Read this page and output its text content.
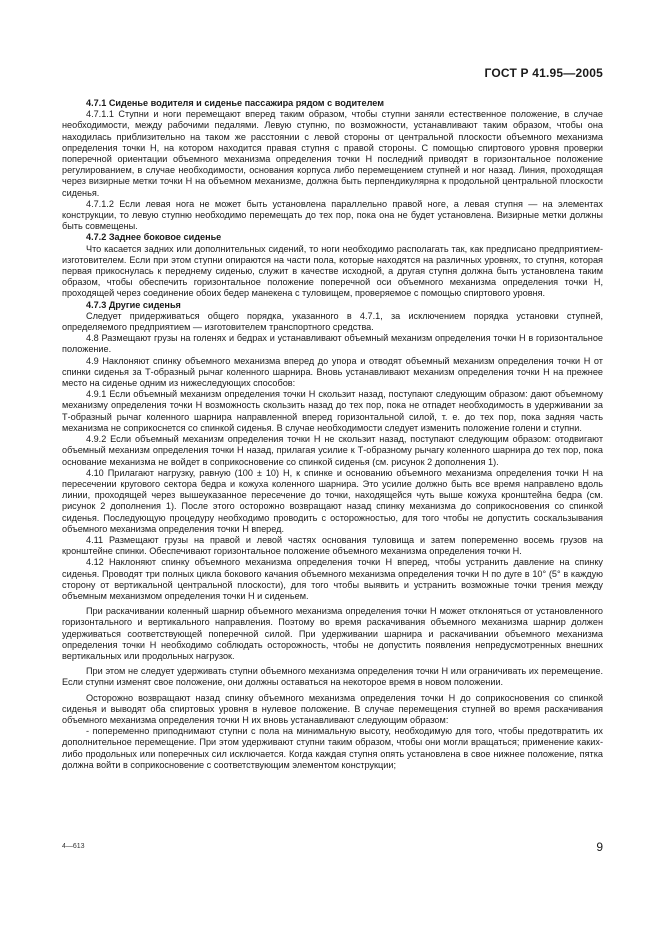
ГОСТ Р 41.95—2005
4.7.1 Сиденье водителя и сиденье пассажира рядом с водителем
4.7.1.1 Ступни и ноги перемещают вперед таким образом, чтобы ступни заняли естественное положение, в случае необходимости, между рабочими педалями. Левую ступню, по возможности, устанавливают таким образом, чтобы она находилась приблизительно на таком же расстоянии с левой стороны от центральной плоскости объемного механизма определения точки H, на котором находится правая ступня с правой стороны. С помощью спиртового уровня проверки поперечной ориентации объемного механизма определения точки H последний приводят в горизонтальное положение регулированием, в случае необходимости, основания корпуса либо перемещением ступней и ног назад. Линия, проходящая через визирные метки точки H на объемном механизме, должна быть перпендикулярна к продольной центральной плоскости сиденья.
4.7.1.2 Если левая нога не может быть установлена параллельно правой ноге, а левая ступня — на элементах конструкции, то левую ступню необходимо перемещать до тех пор, пока она не будет установлена. Визирные метки должны быть совмещены.
4.7.2 Заднее боковое сиденье
Что касается задних или дополнительных сидений, то ноги необходимо располагать так, как предписано предприятием-изготовителем. Если при этом ступни опираются на части пола, которые находятся на различных уровнях, то ступня, которая первая прикоснулась к переднему сиденью, служит в качестве исходной, а другая ступня должна быть установлена таким образом, чтобы обеспечить горизонтальное положение поперечной оси объемного механизма определения точки H, проходящей через соединение обоих бедер манекена с туловищем, проверяемое с помощью спиртового уровня.
4.7.3 Другие сиденья
Следует придерживаться общего порядка, указанного в 4.7.1, за исключением порядка установки ступней, определяемого предприятием — изготовителем транспортного средства.
4.8 Размещают грузы на голенях и бедрах и устанавливают объемный механизм определения точки H в горизонтальное положение.
4.9 Наклоняют спинку объемного механизма вперед до упора и отводят объемный механизм определения точки H от спинки сиденья за Т-образный рычаг коленного шарнира. Вновь устанавливают механизм определения точки H на прежнее место на сиденье одним из нижеследующих способов:
4.9.1 Если объемный механизм определения точки H скользит назад, поступают следующим образом: дают объемному механизму определения точки H возможность скользить назад до тех пор, пока не отпадет необходимость в удерживании за Т-образный рычаг коленного шарнира направленной вперед горизонтальной силой, т. е. до тех пор, пока задняя часть механизма не соприкоснется со спинкой сиденья. В случае необходимости следует изменить положение голени и ступни.
4.9.2 Если объемный механизм определения точки H не скользит назад, поступают следующим образом: отодвигают объемный механизм определения точки H назад, прилагая усилие к Т-образному рычагу коленного шарнира до тех пор, пока основание механизма не войдет в соприкосновение со спинкой сиденья (см. рисунок 2 дополнения 1).
4.10 Прилагают нагрузку, равную (100 ± 10) Н, к спинке и основанию объемного механизма определения точки H на пересечении кругового сектора бедра и кожуха коленного шарнира. Это усилие должно быть все время направлено вдоль линии, проходящей через вышеуказанное пересечение до точки, находящейся чуть выше кожуха кронштейна бедра (см. рисунок 2 дополнения 1). После этого осторожно возвращают назад спинку механизма до соприкосновения со спинкой сиденья. Последующую процедуру необходимо проводить с осторожностью, для того чтобы не допустить соскальзывания объемного механизма определения точки H вперед.
4.11 Размещают грузы на правой и левой частях основания туловища и затем попеременно восемь грузов на кронштейне спинки. Обеспечивают горизонтальное положение объемного механизма определения точки H.
4.12 Наклоняют спинку объемного механизма определения точки H вперед, чтобы устранить давление на спинку сиденья. Проводят три полных цикла бокового качания объемного механизма определения точки H по дуге в 10° (5° в каждую сторону от вертикальной центральной плоскости), для того чтобы выявить и устранить возможные точки трения между объемным механизмом определения точки H и сиденьем.
При раскачивании коленный шарнир объемного механизма определения точки H может отклоняться от установленного горизонтального и вертикального направления. Поэтому во время раскачивания объемного механизма шарнир должен удерживаться соответствующей поперечной силой. При удерживании шарнира и раскачивании объемного механизма определения точки H необходимо соблюдать осторожность, чтобы не допустить появления непредусмотренных внешних вертикальных или продольных нагрузок.
При этом не следует удерживать ступни объемного механизма определения точки H или ограничивать их перемещение. Если ступни изменят свое положение, они должны оставаться на некоторое время в новом положении.
Осторожно возвращают назад спинку объемного механизма определения точки H до соприкосновения со спинкой сиденья и выводят оба спиртовых уровня в нулевое положение. В случае перемещения ступней во время раскачивания объемного механизма определения точки H их вновь устанавливают следующим образом:
- попеременно приподнимают ступни с пола на минимальную высоту, необходимую для того, чтобы предотвратить их дополнительное перемещение. При этом удерживают ступни таким образом, чтобы они могли вращаться; применение каких-либо продольных или поперечных сил исключается. Когда каждая ступня опять установлена в свое нижнее положение, пятка должна войти в соприкосновение с соответствующим элементом конструкции;
4—613	9
